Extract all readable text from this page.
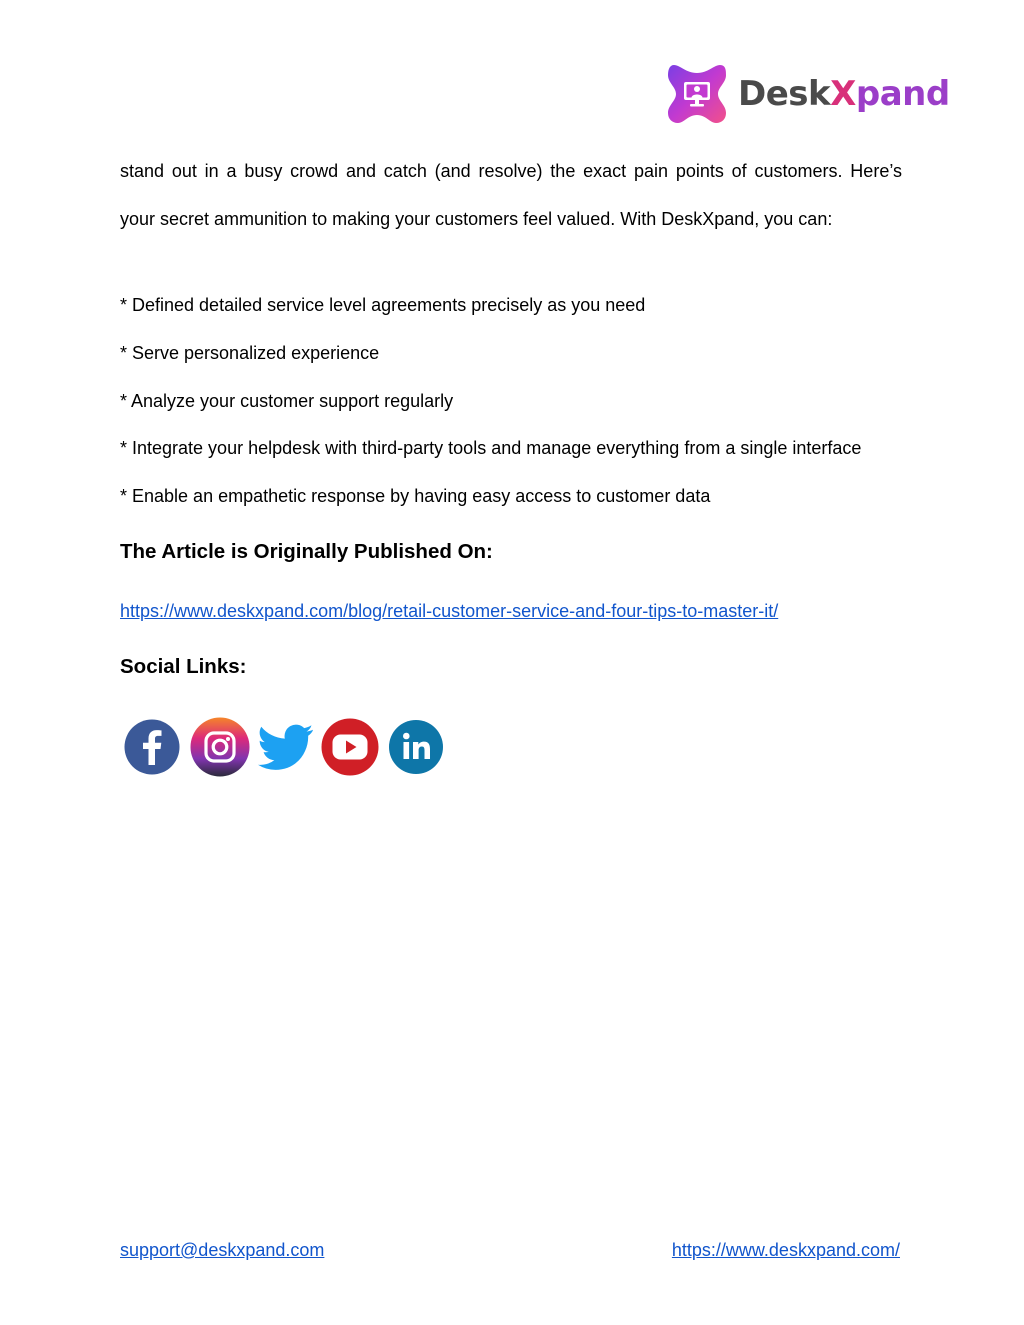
DeskXpand
stand out in a busy crowd and catch (and resolve) the exact pain points of customers. Here’s
your secret ammunition to making your customers feel valued. With DeskXpand, you can:
* Defined detailed service level agreements precisely as you need
* Serve personalized experience
* Analyze your customer support regularly
* Integrate your helpdesk with third-party tools and manage everything from a single interface
* Enable an empathetic response by having easy access to customer data
The Article is Originally Published On:
https://www.deskxpand.com/blog/retail-customer-service-and-four-tips-to-master-it/
Social Links:
support@deskxpand.com	https://www.deskxpand.com/
